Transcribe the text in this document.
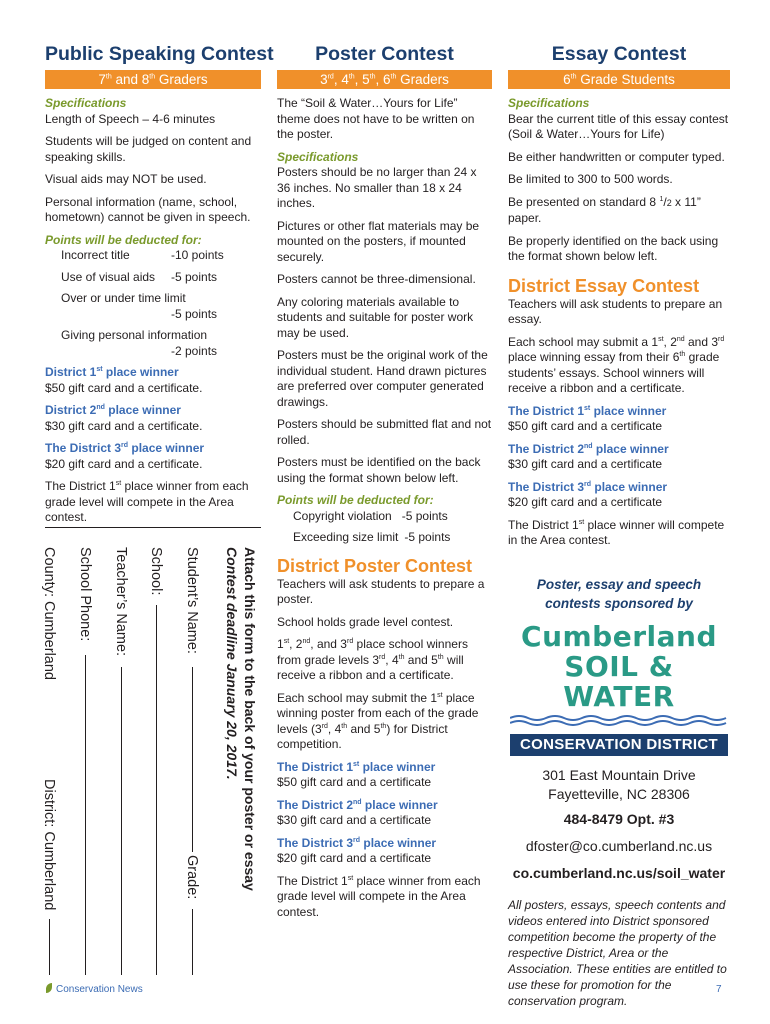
Public Speaking Contest
7th and 8th Graders
Specifications

Length of Speech – 4-6 minutes

Students will be judged on content and speaking skills.

Visual aids may NOT be used.

Personal information (name, school, hometown) cannot be given in speech.

Points will be deducted for:
Incorrect title	-10 points
Use of visual aids -5 points
Over or under time limit
-5 points
Giving personal information
-2 points
District 1st place winner

$50 gift card and a certificate.

District 2nd place winner

$30 gift card and a certificate.

The District 3rd place winner

$20 gift card and a certificate.

The District 1st place winner from each grade level will compete in the Area contest.

Attach this form to the back of your poster or essay
Contest deadline January 20, 2017.
Student’s Name:
Grade:
School:
Teacher’s Name:
School Phone:
County: Cumberland
District: Cumberland
Poster Contest
3rd, 4th, 5th, 6th Graders

The “Soil & Water…Yours for Life” theme does not have to be written on the poster.

Specifications

Posters should be no larger than 24 x 36 inches. No smaller than 18 x 24 inches.

Pictures or other flat materials may be mounted on the posters, if mounted securely.

Posters cannot be three-dimensional.

Any coloring materials available to students and suitable for poster work may be used.

Posters must be the original work of the individual student. Hand drawn pictures are preferred over computer generated drawings.

Posters should be submitted flat and not rolled.

Posters must be identified on the back using the format shown below left.

Points will be deducted for:
Copyright violation -5 points
Exceeding size limit -5 points
District Poster Contest

Teachers will ask students to prepare a poster.

School holds grade level contest.

1st, 2nd, and 3rd place school winners from grade levels 3rd, 4th and 5th will receive a ribbon and a certificate.

Each school may submit the 1st place winning poster from each of the grade levels (3rd, 4th and 5th) for District competition.

The District 1st place winner

$50 gift card and a certificate

The District 2nd place winner

$30 gift card and a certificate

The District 3rd place winner

$20 gift card and a certificate

The District 1st place winner from each grade level will compete in the Area contest.

Essay Contest
6th Grade Students
Specifications

Bear the current title of this essay contest (Soil & Water…Yours for Life)

Be either handwritten or computer typed.

Be limited to 300 to 500 words.

Be presented on standard 8 $^1$/2 x 11” paper.

Be properly identified on the back using the format shown below left.

District Essay Contest

Teachers will ask students to prepare an essay.

Each school may submit a 1st, 2nd and 3rd place winning essay from their 6th grade students’ essays. School winners will receive a ribbon and a certificate.

The District 1st place winner

$50 gift card and a certificate

The District 2nd place winner

$30 gift card and a certificate

The District 3rd place winner

$20 gift card and a certificate

The District 1st place winner will compete in the Area contest.

Poster, essay and speech contests sponsored by
Cumberland
SOIL & WATER
CONSERVATION DISTRICT
301 East Mountain Drive
Fayetteville, NC 28306
484-8479 Opt. #3
dfoster@co.cumberland.nc.us
co.cumberland.nc.us/soil_water
All posters, essays, speech contents and videos entered into District sponsored competition become the property of the respective District, Area or the Association. These entities are entitled to use these for promotion for the conservation program.
Conservation News	7
